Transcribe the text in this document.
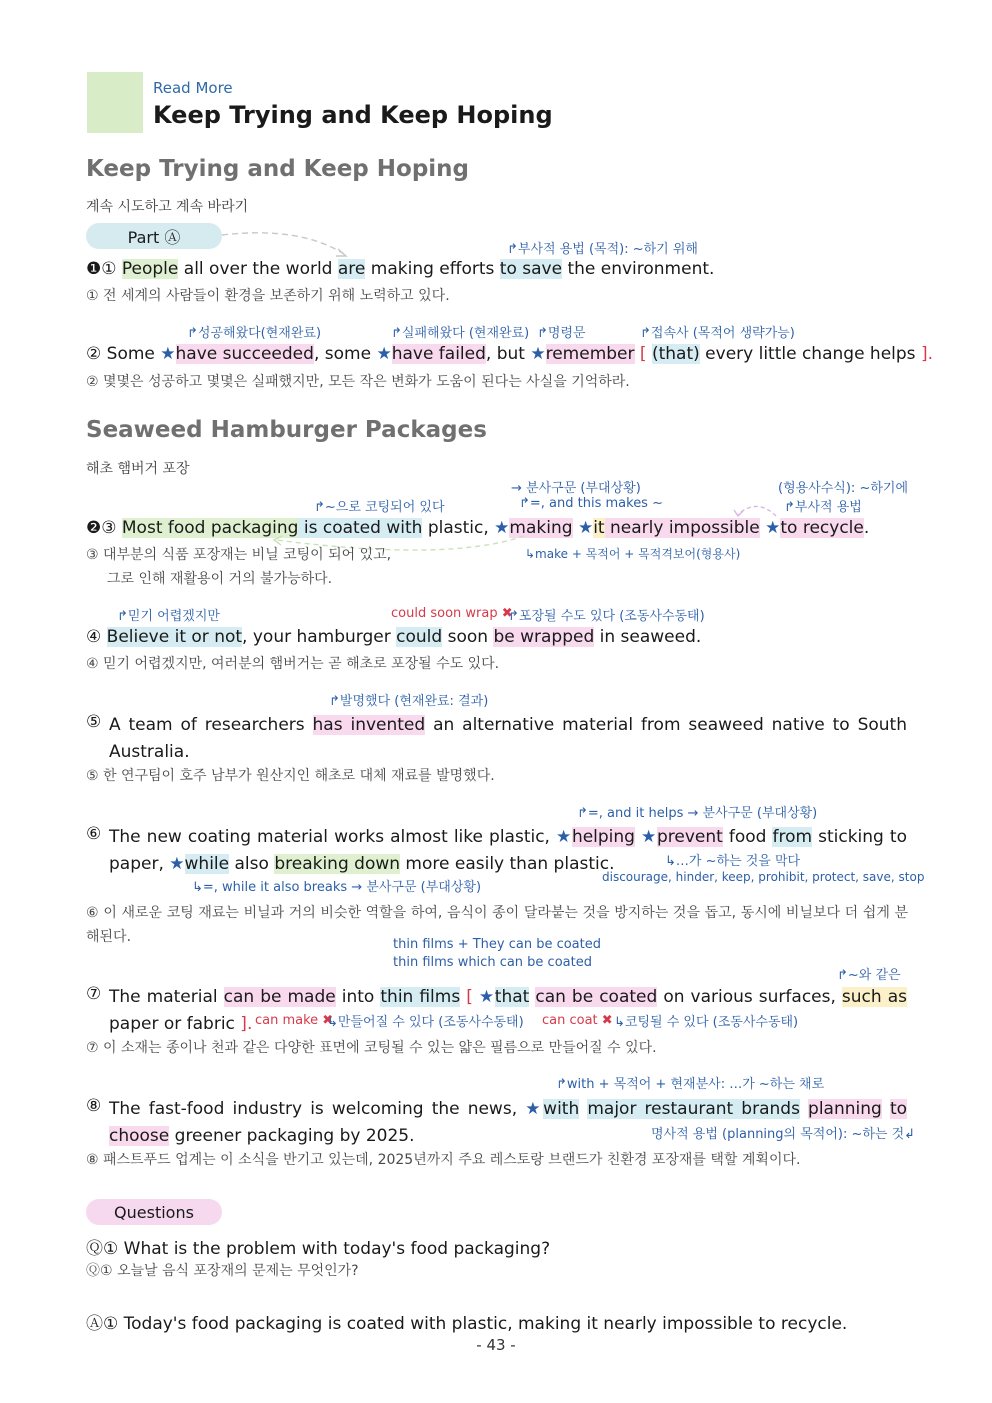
Read More
Keep Trying and Keep Hoping
Keep Trying and Keep Hoping
계속 시도하고 계속 바라기
Part Ⓐ
↱부사적 용법 (목적): ~하기 위해
❶① People all over the world are making efforts to save the environment.
① 전 세계의 사람들이 환경을 보존하기 위해 노력하고 있다.
↱성공해왔다(현재완료)	↱실패해왔다 (현재완료) ↱명령문	↱접속사 (목적어 생략가능)
② Some ★have succeeded, some ★have failed, but ★remember [ (that) every little change helps ].
② 몇몇은 성공하고 몇몇은 실패했지만, 모든 작은 변화가 도움이 된다는 사실을 기억하라.
Seaweed Hamburger Packages
해초 햄버거 포장
→ 분사구문 (부대상황)	(형용사수식): ~하기에
↱~으로 코팅되어 있다	↱=, and this makes ~	↱부사적 용법
❷③ Most food packaging is coated with plastic, ★making ★it nearly impossible ★to recycle.
↳make + 목적어 + 목적격보어(형용사)
③ 대부분의 식품 포장재는 비닐 코팅이 되어 있고,
그로 인해 재활용이 거의 불가능하다.
↱믿기 어렵겠지만	could soon wrap ✖
↱포장될 수도 있다 (조동사수동태)
④ Believe it or not, your hamburger could soon be wrapped in seaweed.
④ 믿기 어렵겠지만, 여러분의 햄버거는 곧 해초로 포장될 수도 있다.
↱발명했다 (현재완료: 결과)
⑤ A team of researchers has invented an alternative material from seaweed native to South Australia.
⑤ 한 연구팀이 호주 남부가 원산지인 해초로 대체 재료를 발명했다.
↱=, and it helps → 분사구문 (부대상황)
⑥ The new coating material works almost like plastic, ★helping ★prevent food from sticking to paper, ★while also breaking down more easily than plastic.	↳…가 ~하는 것을 막다
discourage, hinder, keep, prohibit, protect, save, stop
↳=, while it also breaks → 분사구문 (부대상황)
⑥ 이 새로운 코팅 재료는 비닐과 거의 비슷한 역할을 하여, 음식이 종이 달라붙는 것을 방지하는 것을 돕고, 동시에 비닐보다 더 쉽게 분해된다.	thin films + They can be coated
thin films which can be coated
↱~와 같은
⑦ The material can be made into thin films [ ★that can be coated on various surfaces, such as paper or fabric ]. can make ✖
↳만들어질 수 있다 (조동사수동태) can coat ✖ ↳코팅될 수 있다 (조동사수동태)
⑦ 이 소재는 종이나 천과 같은 다양한 표면에 코팅될 수 있는 얇은 필름으로 만들어질 수 있다.
↱with + 목적어 + 현재분사: …가 ~하는 채로
⑧ The fast-food industry is welcoming the news, ★with major restaurant brands planning to choose greener packaging by 2025.	명사적 용법 (planning의 목적어): ~하는 것↲
⑧ 패스트푸드 업계는 이 소식을 반기고 있는데, 2025년까지 주요 레스토랑 브랜드가 친환경 포장재를 택할 계획이다.
Questions
Ⓠ① What is the problem with today's food packaging?
Ⓠ① 오늘날 음식 포장재의 문제는 무엇인가?
Ⓐ① Today's food packaging is coated with plastic, making it nearly impossible to recycle.
- 43 -
